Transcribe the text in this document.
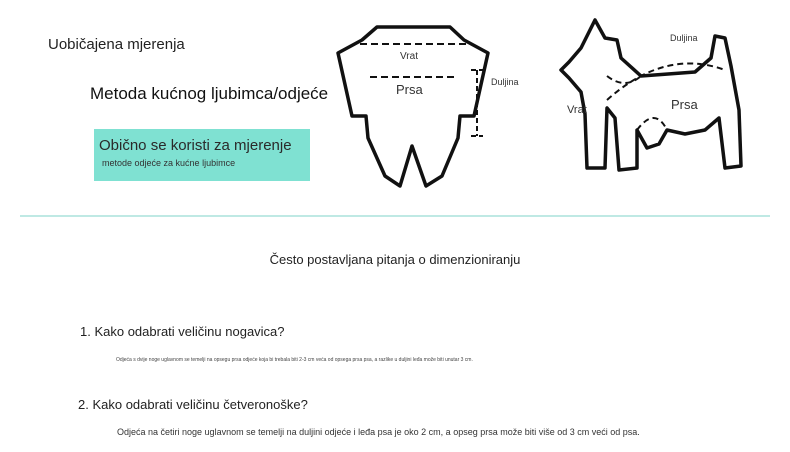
Uobičajena mjerenja
Metoda kućnog ljubimca/odjeće
Obično se koristi za mjerenje
metode odjeće za kućne ljubimce
Vrat
Prsa	Duljina
Duljina
Vrat	Prsa
Često postavljana pitanja o dimenzioniranju
1. Kako odabrati veličinu nogavica?
Odjeća s dvije noge uglavnom se temelji na opsegu prsa odjeće koja bi trebala biti 2-3 cm veća od opsega prsa psa, a razlike u duljini leđa može biti unutar 3 cm.
2. Kako odabrati veličinu četveronoške?
Odjeća na četiri noge uglavnom se temelji na duljini odjeće i leđa psa je oko 2 cm, a opseg prsa može biti više od 3 cm veći od psa.
